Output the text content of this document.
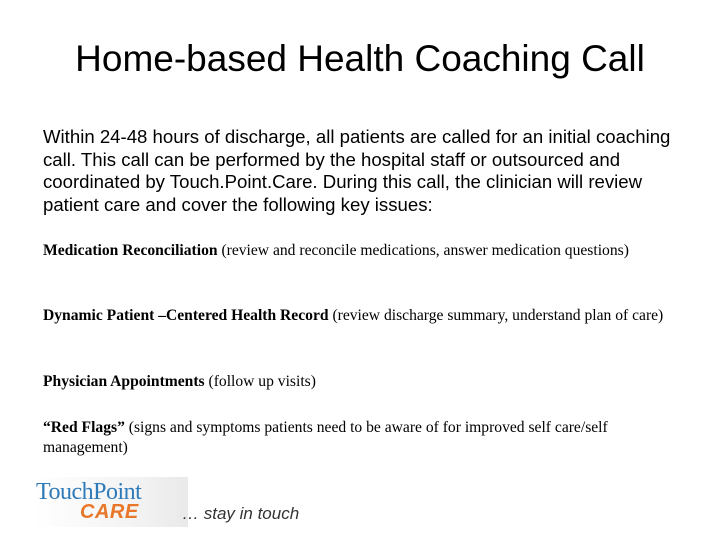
Home-based Health Coaching Call

Within 24-48 hours of discharge, all patients are called for an initial coaching call. This call can be performed by the hospital staff or outsourced and coordinated by Touch.Point.Care. During this call, the clinician will review patient care and cover the following key issues:

Medication Reconciliation (review and reconcile medications, answer medication questions)

Dynamic Patient –Centered Health Record (review discharge summary, understand plan of care)

Physician Appointments (follow up visits)

“Red Flags” (signs and symptoms patients need to be aware of for improved self care/self management)

TouchPoint
CARE	… stay in touch
